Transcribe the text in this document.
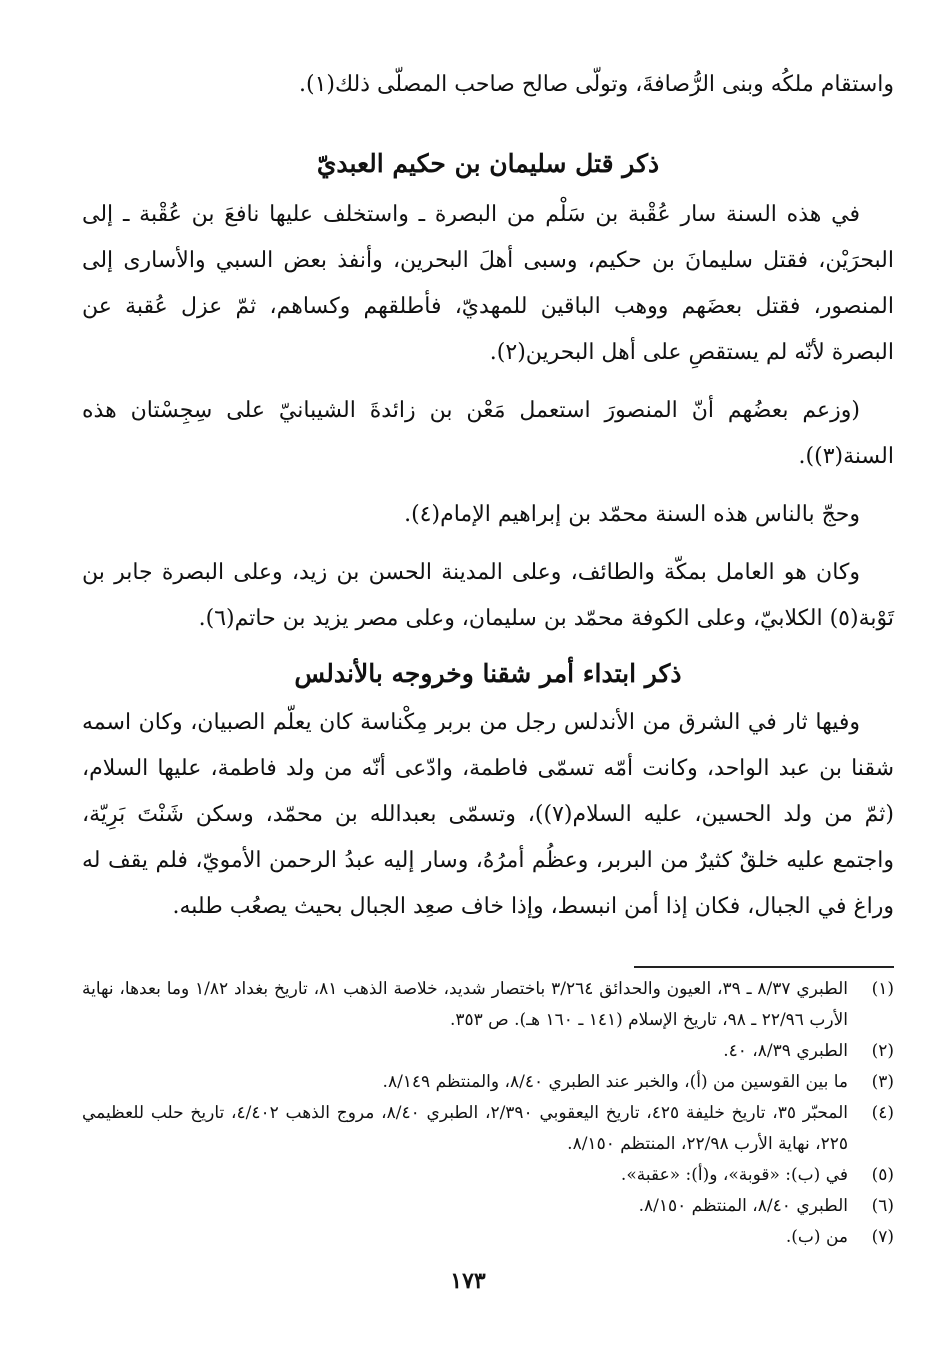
واستقام ملكُه وبنى الرُّصافةَ، وتولّى صالح صاحب المصلّى ذلك(١).

ذكر قتل سليمان بن حكيم العبديّ

في هذه السنة سار عُقْبة بن سَلْم من البصرة ـ واستخلف عليها نافعَ بن عُقْبة ـ إلى البحرَيْن، فقتل سليمانَ بن حكيم، وسبى أهلَ البحرين، وأنفذ بعض السبي والأسارى إلى المنصور، فقتل بعضَهم ووهب الباقين للمهديّ، فأطلقهم وكساهم، ثمّ عزل عُقبة عن البصرة لأنّه لم يستقصِ على أهل البحرين(٢).

(وزعم بعضُهم أنّ المنصورَ استعمل مَعْن بن زائدةَ الشيبانيّ على سِجِسْتان هذه السنة(٣)).

وحجّ بالناس هذه السنة محمّد بن إبراهيم الإمام(٤).

وكان هو العامل بمكّة والطائف، وعلى المدينة الحسن بن زيد، وعلى البصرة جابر بن تَوْبة(٥) الكلابيّ، وعلى الكوفة محمّد بن سليمان، وعلى مصر يزيد بن حاتم(٦).

ذكر ابتداء أمر شقنا وخروجه بالأندلس

وفيها ثار في الشرق من الأندلس رجل من بربر مِكْناسة كان يعلّم الصبيان، وكان اسمه شقنا بن عبد الواحد، وكانت أمّه تسمّى فاطمة، وادّعى أنّه من ولد فاطمة، عليها السلام، (ثمّ من ولد الحسين، عليه السلام(٧))، وتسمّى بعبدالله بن محمّد، وسكن شَنْتَ بَرِيّة، واجتمع عليه خلقٌ كثيرٌ من البربر، وعظُم أمرُهُ، وسار إليه عبدُ الرحمن الأمويّ، فلم يقف له وراغ في الجبال، فكان إذا أمن انبسط، وإذا خاف صعِد الجبال بحيث يصعُب طلبه.

(١)
الطبري ٨/٣٧ ـ ٣٩، العيون والحدائق ٣/٢٦٤ باختصار شديد، خلاصة الذهب ٨١، تاريخ بغداد ١/٨٢ وما بعدها، نهاية الأرب ٢٢/٩٦ ـ ٩٨، تاريخ الإسلام (١٤١ ـ ١٦٠ هـ). ص ٣٥٣.
(٢)
الطبري ٨/٣٩، ٤٠.
(٣)
ما بين القوسين من (أ)، والخبر عند الطبري ٨/٤٠، والمنتظم ٨/١٤٩.
(٤)
المحبّر ٣٥، تاريخ خليفة ٤٢٥، تاريخ اليعقوبي ٢/٣٩٠، الطبري ٨/٤٠، مروج الذهب ٤/٤٠٢، تاريخ حلب للعظيمي ٢٢٥، نهاية الأرب ٢٢/٩٨، المنتظم ٨/١٥٠.
(٥)
في (ب): «قوبة»، و(أ): «عقبة».
(٦)
الطبري ٨/٤٠، المنتظم ٨/١٥٠.
(٧)
من (ب).
١٧٣
